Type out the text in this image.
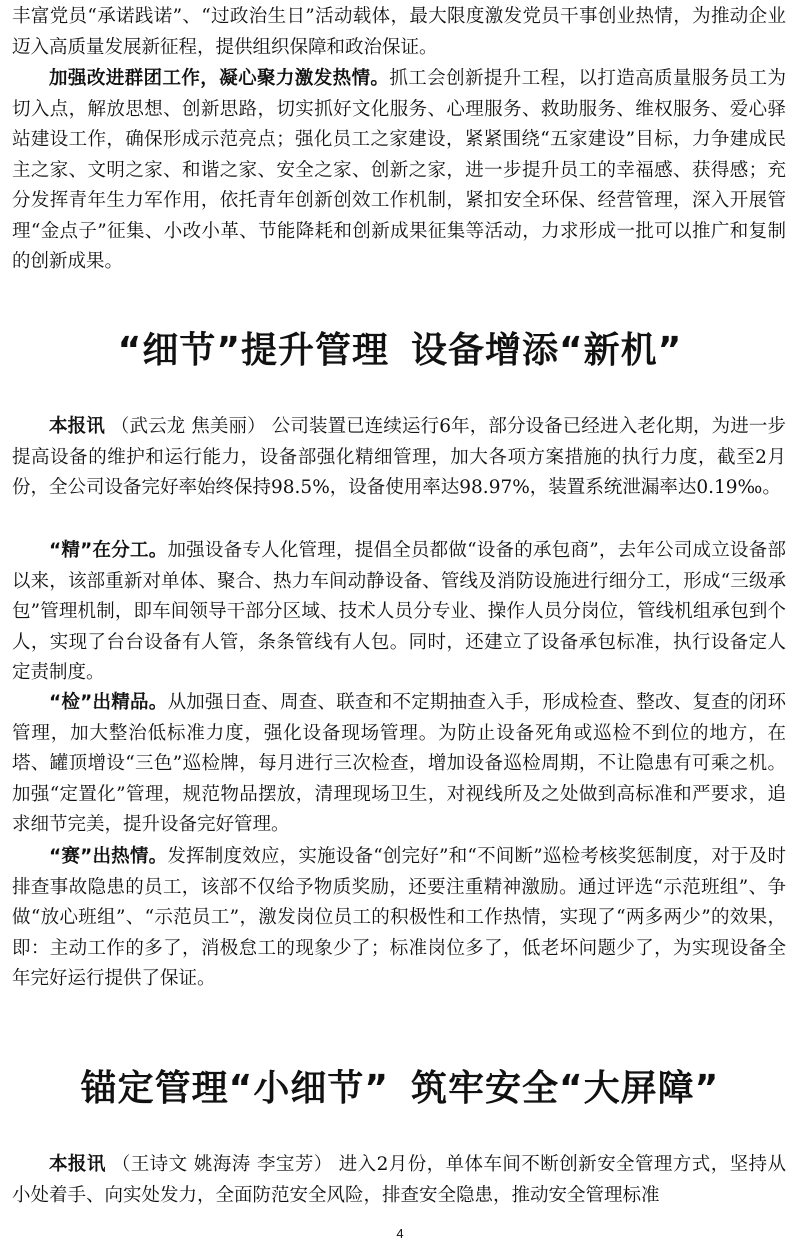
丰富党员“承诺践诺”、“过政治生日”活动载体，最大限度激发党员干事创业热情，为推动企业迈入高质量发展新征程，提供组织保障和政治保证。

加强改进群团工作，凝心聚力激发热情。抓工会创新提升工程，以打造高质量服务员工为切入点，解放思想、创新思路，切实抓好文化服务、心理服务、救助服务、维权服务、爱心驿站建设工作，确保形成示范亮点；强化员工之家建设，紧紧围绕“五家建设”目标，力争建成民主之家、文明之家、和谐之家、安全之家、创新之家，进一步提升员工的幸福感、获得感；充分发挥青年生力军作用，依托青年创新创效工作机制，紧扣安全环保、经营管理，深入开展管理“金点子”征集、小改小革、节能降耗和创新成果征集等活动，力求形成一批可以推广和复制的创新成果。

“细节”提升管理 设备增添“新机”

本报讯 （武云龙 焦美丽） 公司装置已连续运行6年，部分设备已经进入老化期，为进一步提高设备的维护和运行能力，设备部强化精细管理，加大各项方案措施的执行力度，截至2月份，全公司设备完好率始终保持98.5%，设备使用率达98.97%，装置系统泄漏率达0.19‰。

“精”在分工。加强设备专人化管理，提倡全员都做“设备的承包商”，去年公司成立设备部以来，该部重新对单体、聚合、热力车间动静设备、管线及消防设施进行细分工，形成“三级承包”管理机制，即车间领导干部分区域、技术人员分专业、操作人员分岗位，管线机组承包到个人，实现了台台设备有人管，条条管线有人包。同时，还建立了设备承包标准，执行设备定人定责制度。

“检”出精品。从加强日查、周查、联查和不定期抽查入手，形成检查、整改、复查的闭环管理，加大整治低标准力度，强化设备现场管理。为防止设备死角或巡检不到位的地方，在塔、罐顶增设“三色”巡检牌，每月进行三次检查，增加设备巡检周期，不让隐患有可乘之机。加强“定置化”管理，规范物品摆放，清理现场卫生，对视线所及之处做到高标准和严要求，追求细节完美，提升设备完好管理。

“赛”出热情。发挥制度效应，实施设备“创完好”和“不间断”巡检考核奖惩制度，对于及时排查事故隐患的员工，该部不仅给予物质奖励，还要注重精神激励。通过评选“示范班组”、争做“放心班组”、“示范员工”，激发岗位员工的积极性和工作热情，实现了“两多两少”的效果，即：主动工作的多了，消极怠工的现象少了；标准岗位多了，低老坏问题少了，为实现设备全年完好运行提供了保证。

锚定管理“小细节” 筑牢安全“大屏障”

本报讯 （王诗文 姚海涛 李宝芳） 进入2月份，单体车间不断创新安全管理方式，坚持从小处着手、向实处发力，全面防范安全风险，排查安全隐患，推动安全管理标准

4
